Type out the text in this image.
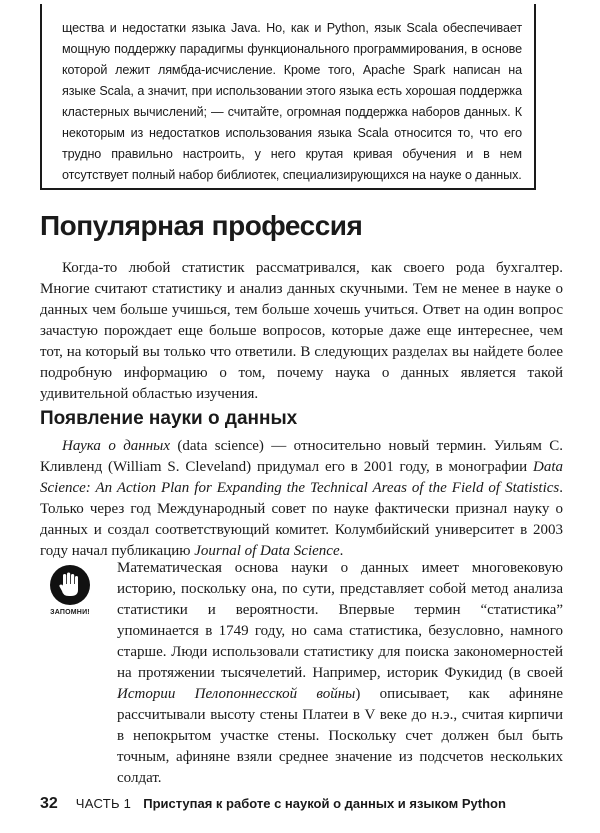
щества и недостатки языка Java. Но, как и Python, язык Scala обеспечивает мощную поддержку парадигмы функционального программирования, в основе которой лежит лямбда-исчисление. Кроме того, Apache Spark написан на языке Scala, а значит, при использовании этого языка есть хорошая поддержка кластерных вычислений; — считайте, огромная поддержка наборов данных. К некоторым из недостатков использования языка Scala относится то, что его трудно правильно настроить, у него крутая кривая обучения и в нем отсутствует полный набор библиотек, специализирующихся на науке о данных.

Популярная профессия

Когда-то любой статистик рассматривался, как своего рода бухгалтер. Многие считают статистику и анализ данных скучными. Тем не менее в науке о данных чем больше учишься, тем больше хочешь учиться. Ответ на один вопрос зачастую порождает еще больше вопросов, которые даже еще интереснее, чем тот, на который вы только что ответили. В следующих разделах вы найдете более подробную информацию о том, почему наука о данных является такой удивительной областью изучения.

Появление науки о данных

Наука о данных (data science) — относительно новый термин. Уильям С. Кливленд (William S. Cleveland) придумал его в 2001 году, в монографии Data Science: An Action Plan for Expanding the Technical Areas of the Field of Statistics. Только через год Международный совет по науке фактически признал науку о данных и создал соответствующий комитет. Колумбийский университет в 2003 году начал публикацию Journal of Data Science.

ЗАПОМНИ!

Математическая основа науки о данных имеет многовековую историю, поскольку она, по сути, представляет собой метод анализа статистики и вероятности. Впервые термин “статистика” упоминается в 1749 году, но сама статистика, безусловно, намного старше. Люди использовали статистику для поиска закономерностей на протяжении тысячелетий. Например, историк Фукидид (в своей Истории Пелопоннесской войны) описывает, как афиняне рассчитывали высоту стены Платеи в V веке до н.э., считая кирпичи в непокрытом участке стены. Поскольку счет должен был быть точным, афиняне взяли среднее значение из подсчетов нескольких солдат.

32 ЧАСТЬ 1 Приступая к работе с наукой о данных и языком Python
